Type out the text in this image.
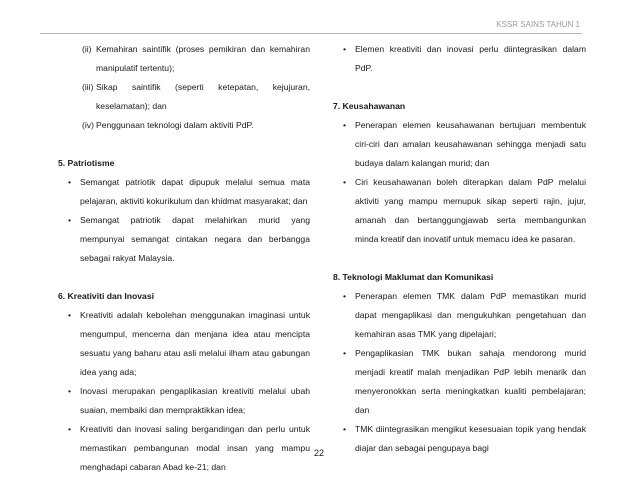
KSSR SAINS TAHUN 1
(ii) Kemahiran saintifik (proses pemikiran dan kemahiran manipulatif tertentu);
(iii) Sikap saintifik (seperti ketepatan, kejujuran, keselamatan); dan
(iv) Penggunaan teknologi dalam aktiviti PdP.

5. Patriotisme

• Semangat patriotik dapat dipupuk melalui semua mata pelajaran, aktiviti kokurikulum dan khidmat masyarakat; dan
• Semangat patriotik dapat melahirkan murid yang mempunyai semangat cintakan negara dan berbangga sebagai rakyat Malaysia.

6. Kreativiti dan Inovasi

• Kreativiti adalah kebolehan menggunakan imaginasi untuk mengumpul, mencerna dan menjana idea atau mencipta sesuatu yang baharu atau asli melalui ilham atau gabungan idea yang ada;
• Inovasi merupakan pengaplikasian kreativiti melalui ubah suaian, membaiki dan mempraktikkan idea;
• Kreativiti dan inovasi saling bergandingan dan perlu untuk memastikan pembangunan modal insan yang mampu menghadapi cabaran Abad ke-21; dan
• Elemen kreativiti dan inovasi perlu diintegrasikan dalam PdP.

7. Keusahawanan

• Penerapan elemen keusahawanan bertujuan membentuk ciri-ciri dan amalan keusahawanan sehingga menjadi satu budaya dalam kalangan murid; dan
• Ciri keusahawanan boleh diterapkan dalam PdP melalui aktiviti yang mampu memupuk sikap seperti rajin, jujur, amanah dan bertanggungjawab serta membangunkan minda kreatif dan inovatif untuk memacu idea ke pasaran.

8. Teknologi Maklumat dan Komunikasi

• Penerapan elemen TMK dalam PdP memastikan murid dapat mengaplikasi dan mengukuhkan pengetahuan dan kemahiran asas TMK yang dipelajari;
• Pengaplikasian TMK bukan sahaja mendorong murid menjadi kreatif malah menjadikan PdP lebih menarik dan menyeronokkan serta meningkatkan kualiti pembelajaran; dan
• TMK diintegrasikan mengikut kesesuaian topik yang hendak diajar dan sebagai pengupaya bagi
22
